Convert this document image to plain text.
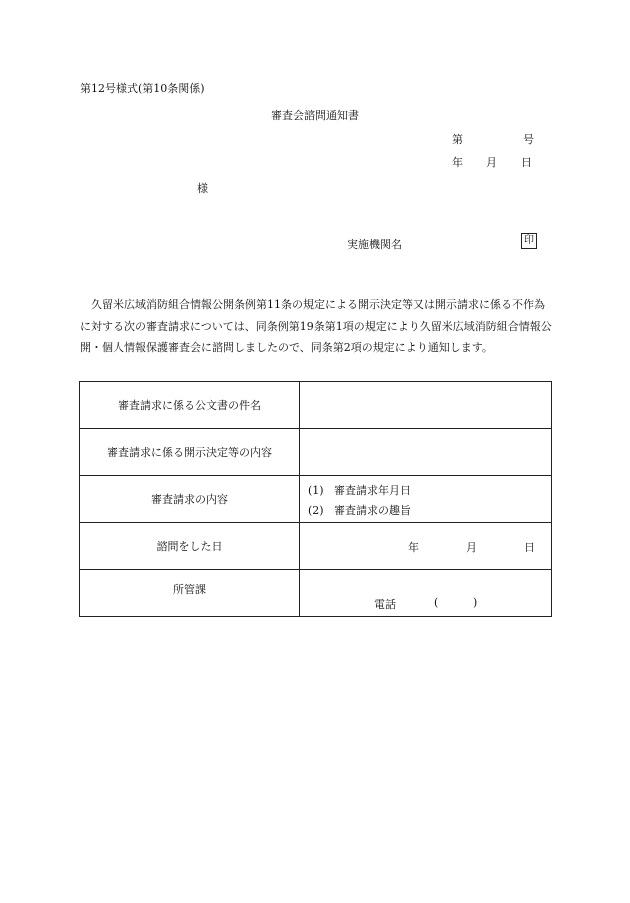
第12号様式(第10条関係)
審査会諮問通知書
第	号
年 月 日
様
実施機関名	印
久留米広域消防組合情報公開条例第11条の規定による開示決定等又は開示請求に係る不作為に対する次の審査請求については、同条例第19条第1項の規定により久留米広域消防組合情報公開・個人情報保護審査会に諮問しましたので、同条第2項の規定により通知します。
審査請求に係る公文書の件名	
審査請求に係る開示決定等の内容	
審査請求の内容	(1) 審査請求年月日
(2) 審査請求の趣旨

諮問をした日	年 月 日

所管課	電話 ( )
